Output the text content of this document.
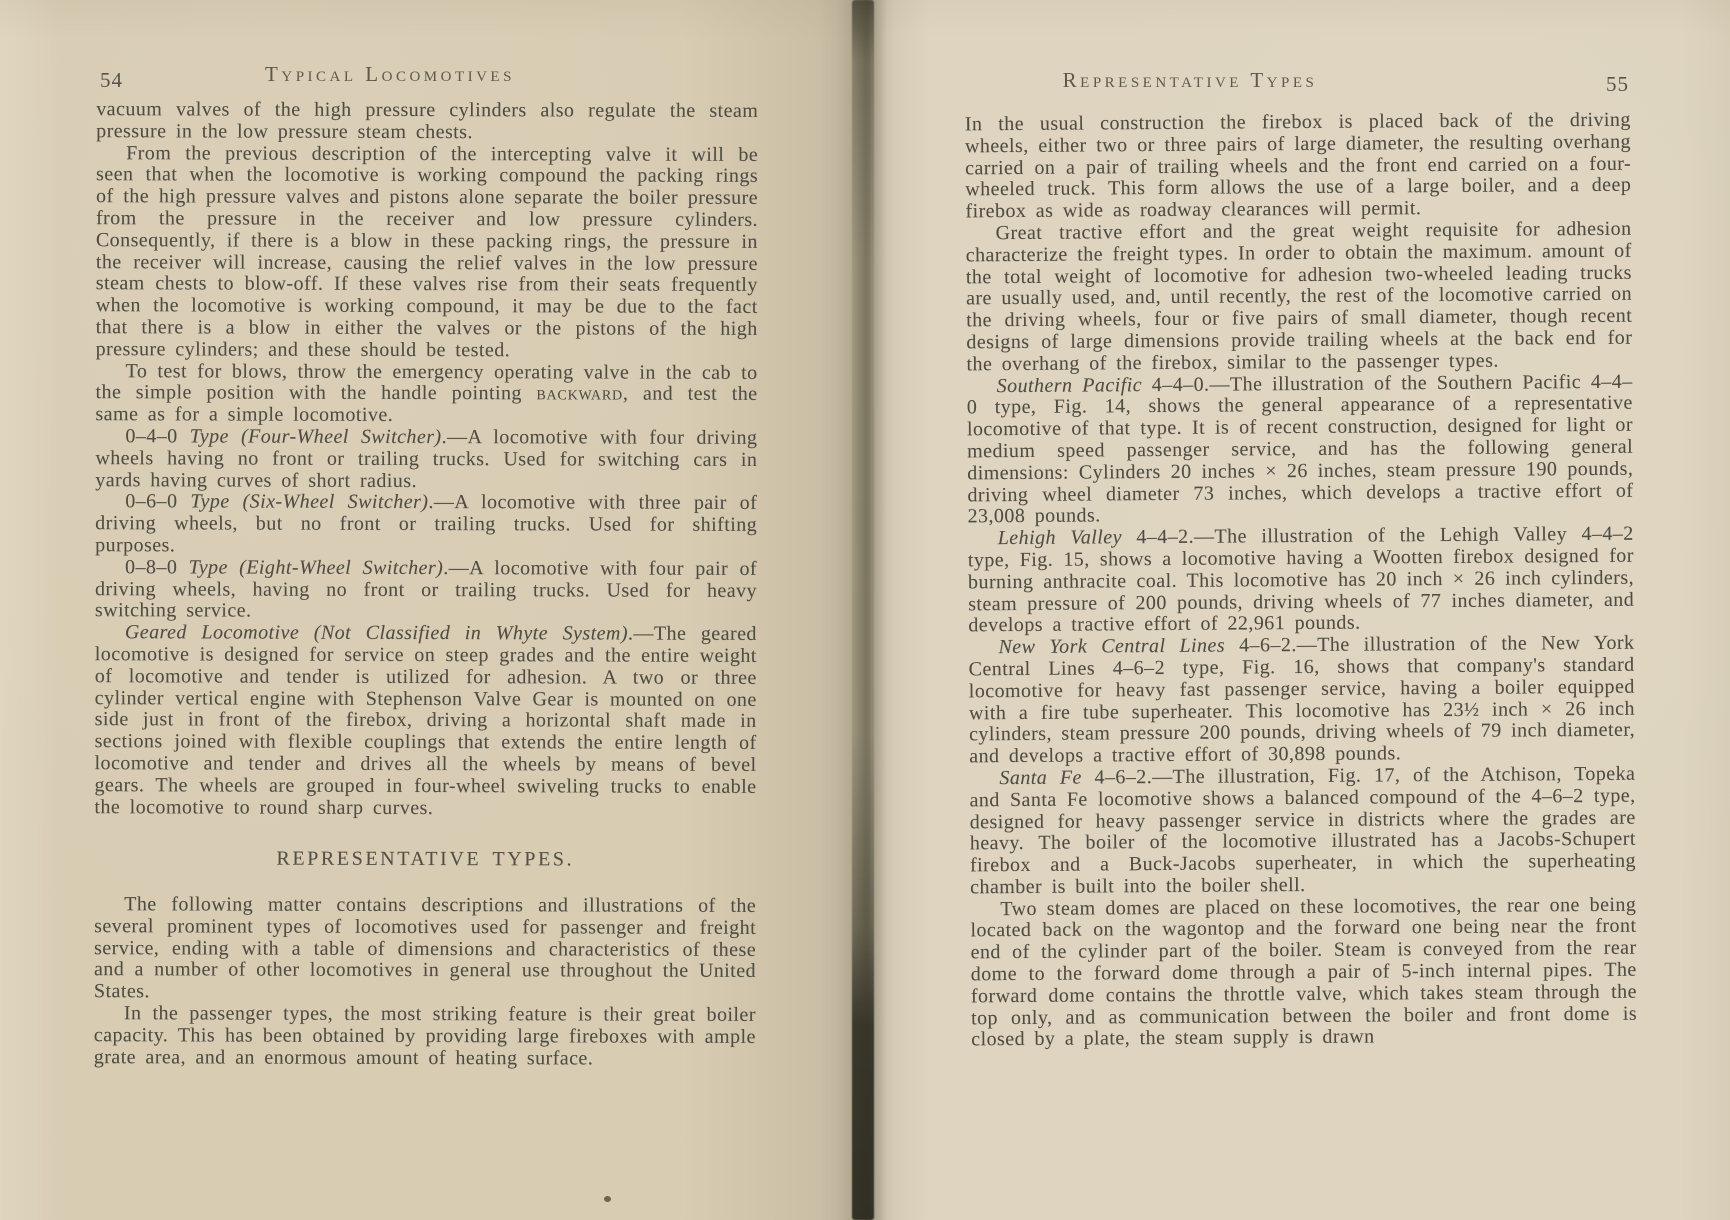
54	Typical Locomotives	Representative Types	55

vacuum valves of the high pressure cylinders also regulate the steam pressure in the low pressure steam chests.

From the previous description of the intercepting valve it will be seen that when the locomotive is working compound the packing rings of the high pressure valves and pistons alone separate the boiler pressure from the pressure in the receiver and low pressure cylinders. Consequently, if there is a blow in these packing rings, the pressure in the receiver will increase, causing the relief valves in the low pressure steam chests to blow-off. If these valves rise from their seats frequently when the locomotive is working compound, it may be due to the fact that there is a blow in either the valves or the pistons of the high pressure cylinders; and these should be tested.

To test for blows, throw the emergency operating valve in the cab to the simple position with the handle pointing backward, and test the same as for a simple locomotive.

0–4–0 Type (Four-Wheel Switcher).—A locomotive with four driving wheels having no front or trailing trucks. Used for switching cars in yards having curves of short radius.

0–6–0 Type (Six-Wheel Switcher).—A locomotive with three pair of driving wheels, but no front or trailing trucks. Used for shifting purposes.

0–8–0 Type (Eight-Wheel Switcher).—A locomotive with four pair of driving wheels, having no front or trailing trucks. Used for heavy switching service.

Geared Locomotive (Not Classified in Whyte System).—The geared locomotive is designed for service on steep grades and the entire weight of locomotive and tender is utilized for adhesion. A two or three cylinder vertical engine with Stephenson Valve Gear is mounted on one side just in front of the firebox, driving a horizontal shaft made in sections joined with flexible couplings that extends the entire length of locomotive and tender and drives all the wheels by means of bevel gears. The wheels are grouped in four-wheel swiveling trucks to enable the locomotive to round sharp curves.

REPRESENTATIVE TYPES.

The following matter contains descriptions and illustrations of the several prominent types of locomotives used for passenger and freight service, ending with a table of dimensions and characteristics of these and a number of other locomotives in general use throughout the United States.

In the passenger types, the most striking feature is their great boiler capacity. This has been obtained by providing large fireboxes with ample grate area, and an enormous amount of heating surface.

In the usual construction the firebox is placed back of the driving wheels, either two or three pairs of large diameter, the resulting overhang carried on a pair of trailing wheels and the front end carried on a four-wheeled truck. This form allows the use of a large boiler, and a deep firebox as wide as roadway clearances will permit.

Great tractive effort and the great weight requisite for adhesion characterize the freight types. In order to obtain the maximum. amount of the total weight of locomotive for adhesion two-wheeled leading trucks are usually used, and, until recently, the rest of the locomotive carried on the driving wheels, four or five pairs of small diameter, though recent designs of large dimensions provide trailing wheels at the back end for the overhang of the firebox, similar to the passenger types.

Southern Pacific 4–4–0.—The illustration of the Southern Pacific 4–4–0 type, Fig. 14, shows the general appearance of a representative locomotive of that type. It is of recent construction, designed for light or medium speed passenger service, and has the following general dimensions: Cylinders 20 inches × 26 inches, steam pressure 190 pounds, driving wheel diameter 73 inches, which develops a tractive effort of 23,008 pounds.

Lehigh Valley 4–4–2.—The illustration of the Lehigh Valley 4–4–2 type, Fig. 15, shows a locomotive having a Wootten firebox designed for burning anthracite coal. This locomotive has 20 inch × 26 inch cylinders, steam pressure of 200 pounds, driving wheels of 77 inches diameter, and develops a tractive effort of 22,961 pounds.

New York Central Lines 4–6–2.—The illustration of the New York Central Lines 4–6–2 type, Fig. 16, shows that company's standard locomotive for heavy fast passenger service, having a boiler equipped with a fire tube superheater. This locomotive has 23½ inch × 26 inch cylinders, steam pressure 200 pounds, driving wheels of 79 inch diameter, and develops a tractive effort of 30,898 pounds.

Santa Fe 4–6–2.—The illustration, Fig. 17, of the Atchison, Topeka and Santa Fe locomotive shows a balanced compound of the 4–6–2 type, designed for heavy passenger service in districts where the grades are heavy. The boiler of the locomotive illustrated has a Jacobs-Schupert firebox and a Buck-Jacobs superheater, in which the superheating chamber is built into the boiler shell.

Two steam domes are placed on these locomotives, the rear one being located back on the wagontop and the forward one being near the front end of the cylinder part of the boiler. Steam is conveyed from the rear dome to the forward dome through a pair of 5-inch internal pipes. The forward dome contains the throttle valve, which takes steam through the top only, and as communication between the boiler and front dome is closed by a plate, the steam supply is drawn
